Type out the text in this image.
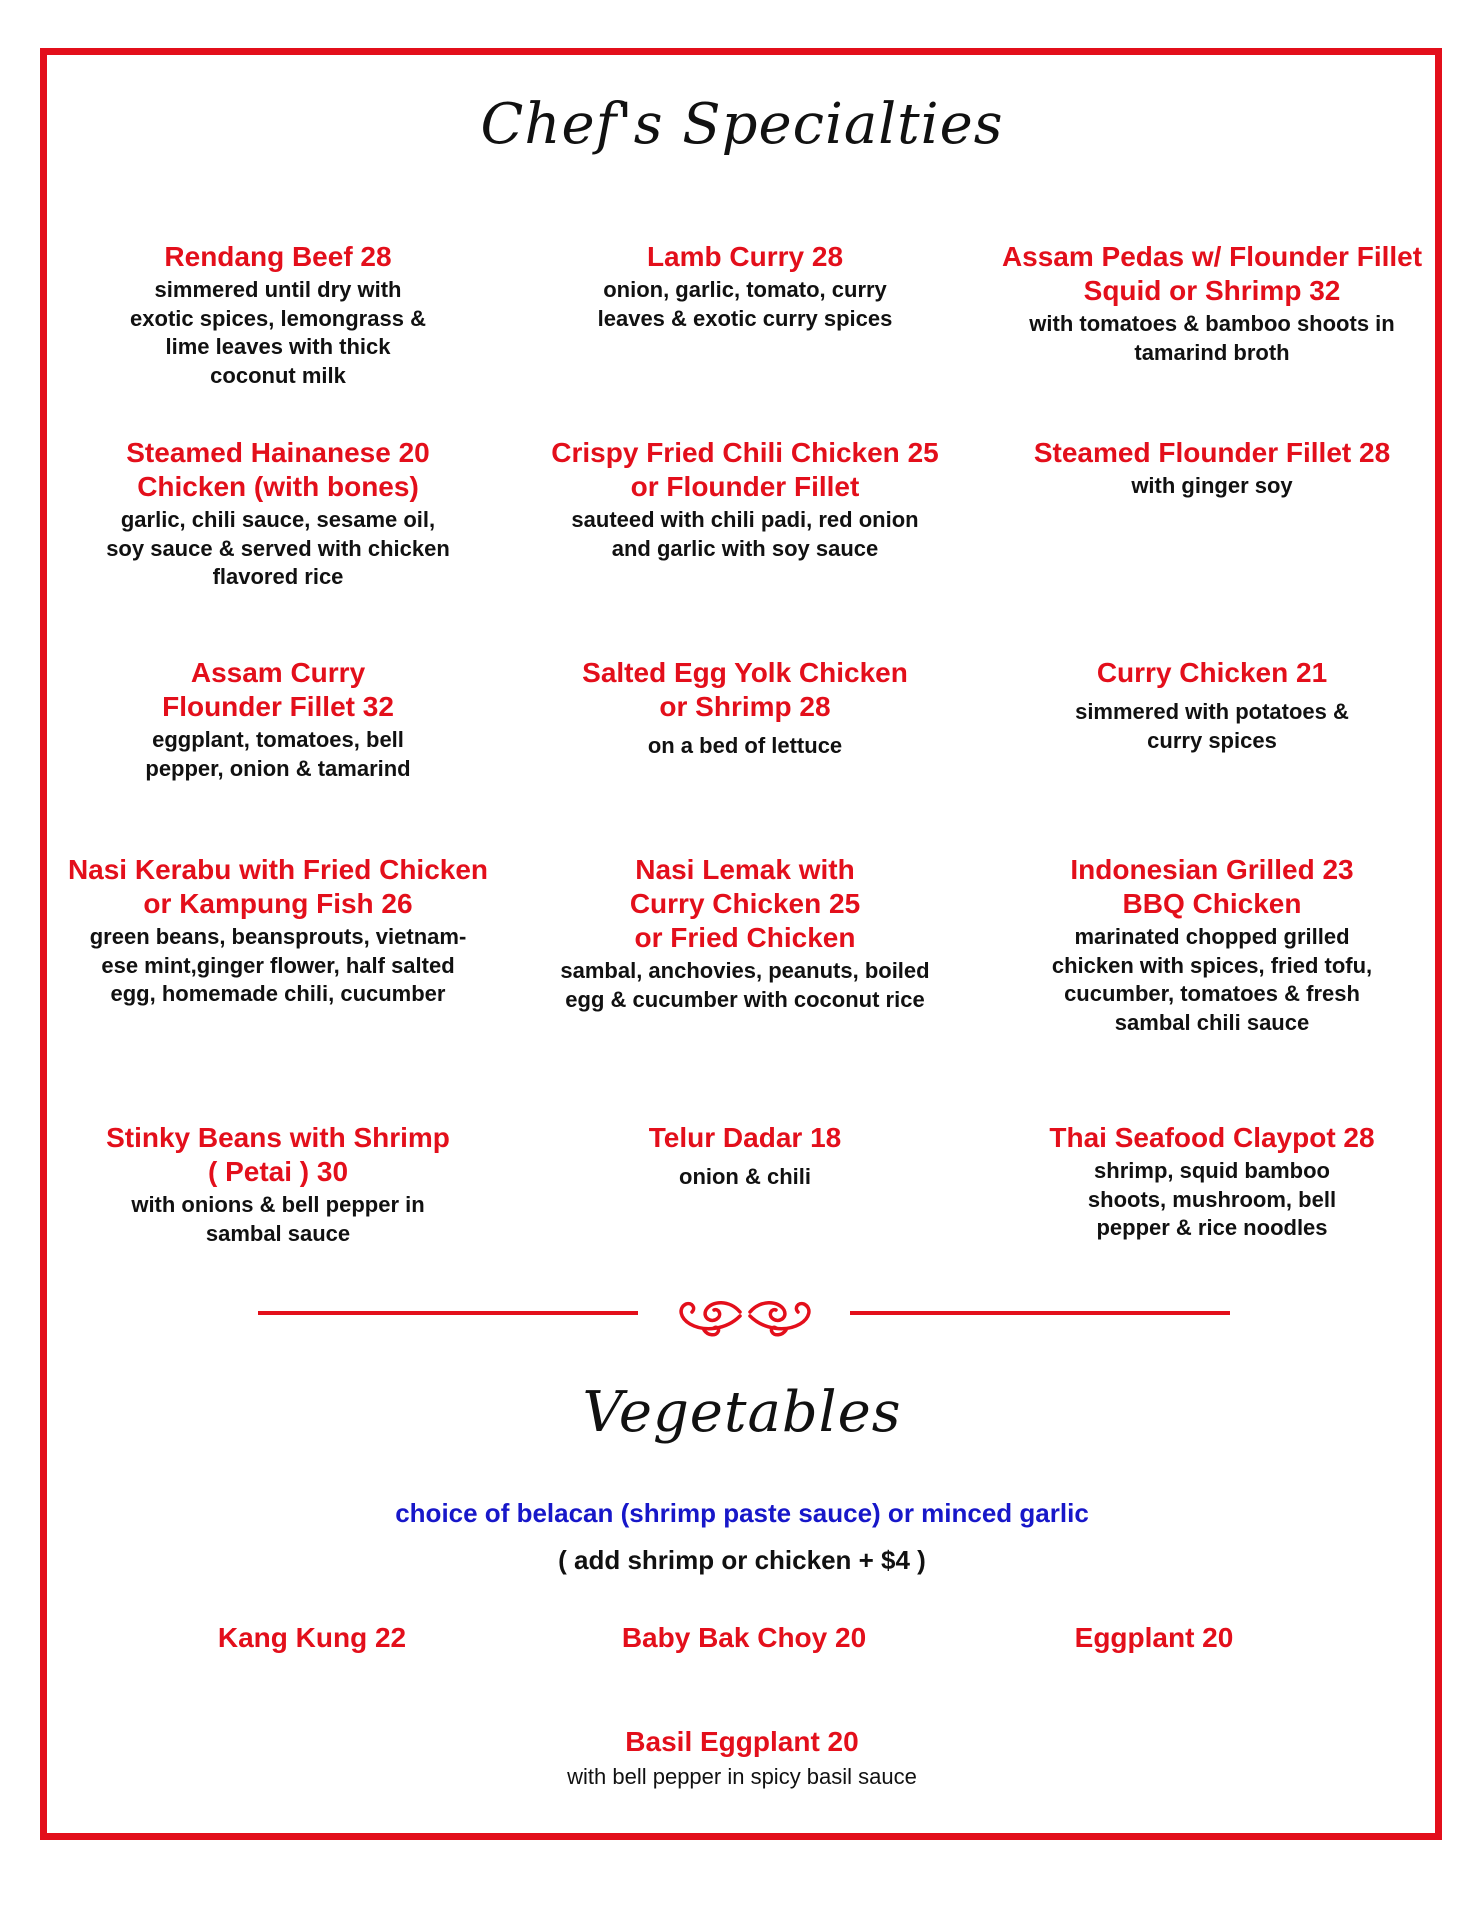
Chef's Specialties
Rendang Beef 28
simmered until dry with
exotic spices, lemongrass &
lime leaves with thick
coconut milk
Lamb Curry 28
onion, garlic, tomato, curry
leaves & exotic curry spices
Assam Pedas w/ Flounder Fillet
Squid or Shrimp 32
with tomatoes & bamboo shoots in
tamarind broth
Steamed Hainanese 20
Chicken (with bones)
garlic, chili sauce, sesame oil,
soy sauce & served with chicken
flavored rice
Crispy Fried Chili Chicken 25
or Flounder Fillet
sauteed with chili padi, red onion
and garlic with soy sauce
Steamed Flounder Fillet 28
with ginger soy
Assam Curry
Flounder Fillet 32
eggplant, tomatoes, bell
pepper, onion & tamarind
Salted Egg Yolk Chicken
or Shrimp 28
on a bed of lettuce
Curry Chicken 21
simmered with potatoes &
curry spices
Nasi Kerabu with Fried Chicken
or Kampung Fish 26
green beans, beansprouts, vietnam-
ese mint,ginger flower, half salted
egg, homemade chili, cucumber
Nasi Lemak with
Curry Chicken 25
or Fried Chicken
sambal, anchovies, peanuts, boiled
egg & cucumber with coconut rice
Indonesian Grilled 23
BBQ Chicken
marinated chopped grilled
chicken with spices, fried tofu,
cucumber, tomatoes & fresh
sambal chili sauce
Stinky Beans with Shrimp
( Petai ) 30
with onions & bell pepper in
sambal sauce
Telur Dadar 18
onion & chili
Thai Seafood Claypot 28
shrimp, squid bamboo
shoots, mushroom, bell
pepper & rice noodles
Vegetables
choice of belacan (shrimp paste sauce) or minced garlic
( add shrimp or chicken + $4 )
Kang Kung 22	Baby Bak Choy 20	Eggplant 20
Basil Eggplant 20
with bell pepper in spicy basil sauce
